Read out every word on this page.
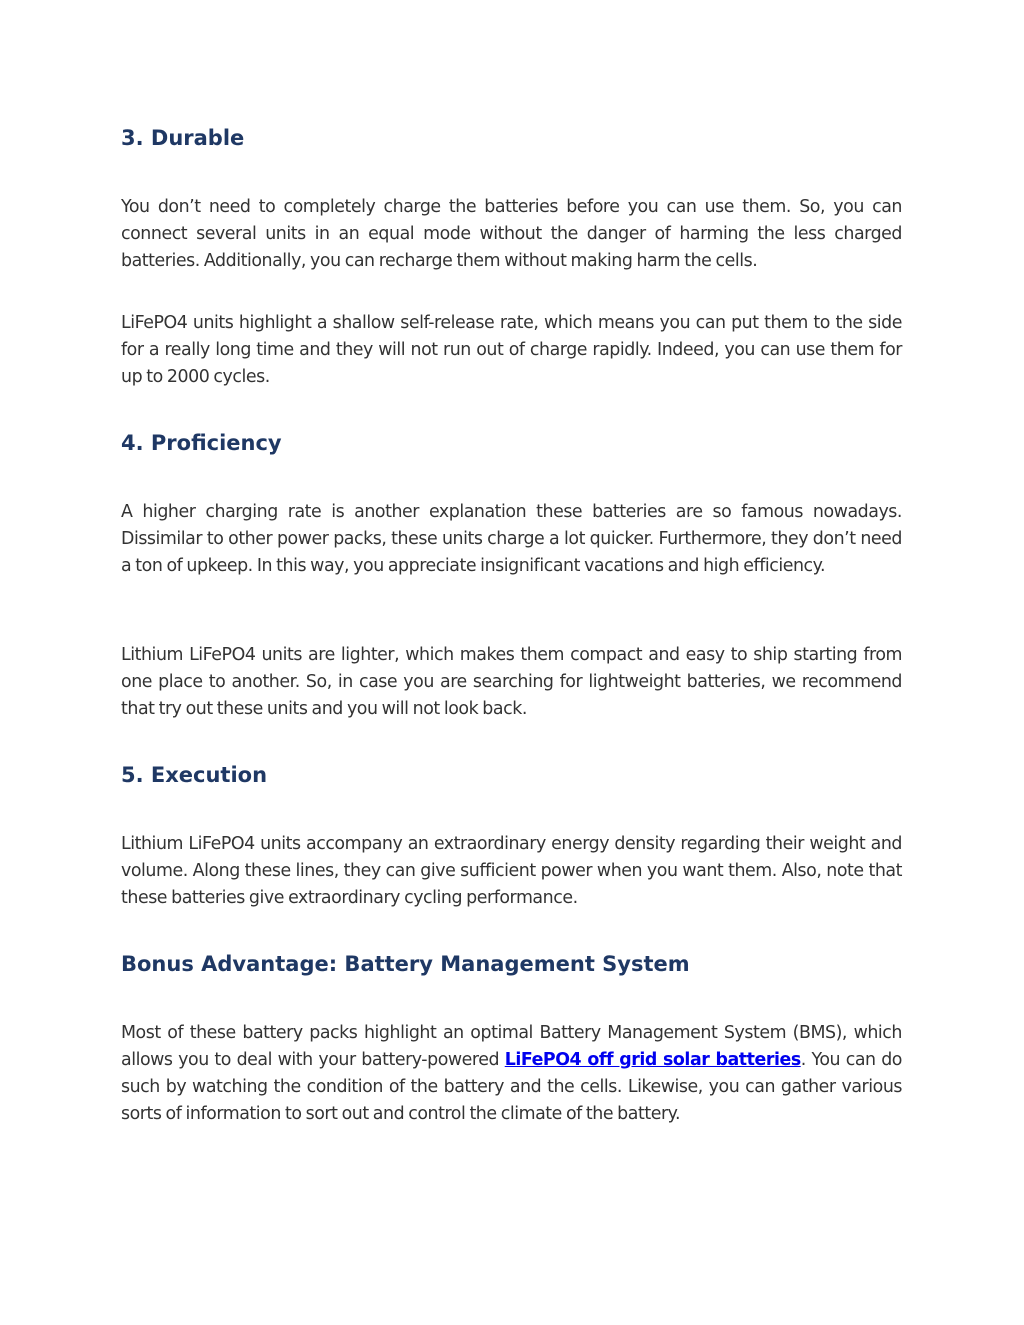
3. Durable

You don’t need to completely charge the batteries before you can use them. So, you can connect several units in an equal mode without the danger of harming the less charged batteries. Additionally, you can recharge them without making harm the cells.

LiFePO4 units highlight a shallow self-release rate, which means you can put them to the side for a really long time and they will not run out of charge rapidly. Indeed, you can use them for up to 2000 cycles.

4. Proficiency

A higher charging rate is another explanation these batteries are so famous nowadays. Dissimilar to other power packs, these units charge a lot quicker. Furthermore, they don’t need a ton of upkeep. In this way, you appreciate insignificant vacations and high efficiency.

Lithium LiFePO4 units are lighter, which makes them compact and easy to ship starting from one place to another. So, in case you are searching for lightweight batteries, we recommend that try out these units and you will not look back.

5. Execution

Lithium LiFePO4 units accompany an extraordinary energy density regarding their weight and volume. Along these lines, they can give sufficient power when you want them. Also, note that these batteries give extraordinary cycling performance.

Bonus Advantage: Battery Management System

Most of these battery packs highlight an optimal Battery Management System (BMS), which allows you to deal with your battery-powered LiFePO4 off grid solar batteries. You can do such by watching the condition of the battery and the cells. Likewise, you can gather various sorts of information to sort out and control the climate of the battery.
